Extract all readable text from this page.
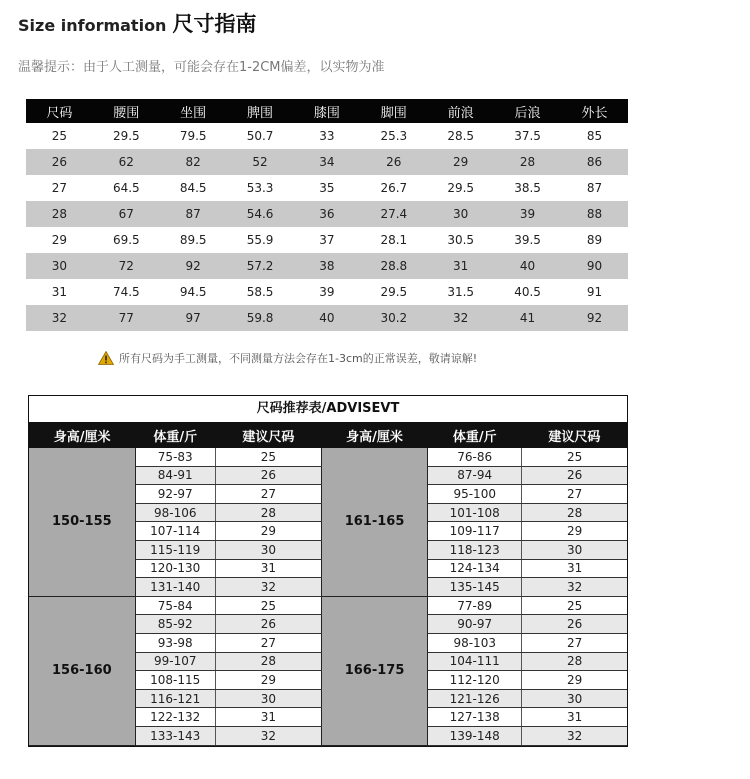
Size information 尺寸指南
温馨提示：由于人工测量，可能会存在1-2CM偏差，以实物为准
尺码	腰围	坐围	脾围	膝围	脚围	前浪	后浪	外长
25	29.5	79.5	50.7	33	25.3	28.5	37.5	85
26	62	82	52	34	26	29	28	86
27	64.5	84.5	53.3	35	26.7	29.5	38.5	87
28	67	87	54.6	36	27.4	30	39	88
29	69.5	89.5	55.9	37	28.1	30.5	39.5	89
30	72	92	57.2	38	28.8	31	40	90
31	74.5	94.5	58.5	39	29.5	31.5	40.5	91
32	77	97	59.8	40	30.2	32	41	92
所有尺码为手工测量，不同测量方法会存在1-3cm的正常误差，敬请谅解!
尺码推荐表/ADVISEVT
身高/厘米	体重/斤	建议尺码	身高/厘米	体重/斤	建议尺码
150-155	75-83	25	161-165	76-86	25
	84-91	26		87-94	26
	92-97	27		95-100	27
	98-106	28		101-108	28
	107-114	29		109-117	29
	115-119	30		118-123	30
	120-130	31		124-134	31
	131-140	32		135-145	32
156-160	75-84	25	166-175	77-89	25
	85-92	26		90-97	26
	93-98	27		98-103	27
	99-107	28		104-111	28
	108-115	29		112-120	29
	116-121	30		121-126	30
	122-132	31		127-138	31
	133-143	32		139-148	32
